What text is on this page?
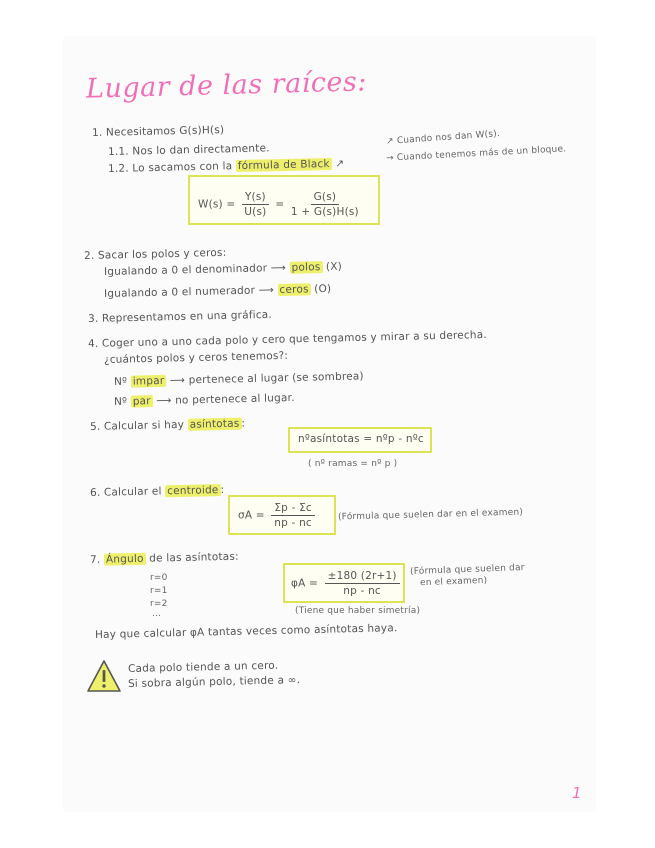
Lugar de las raíces:
1. Necesitamos G(s)H(s)
1.1. Nos lo dan directamente.
1.2. Lo sacamos con la fórmula de Black ↗
↗ Cuando nos dan W(s).
→ Cuando tenemos más de un bloque.
$W(s) = \frac{Y(s)}{U(s)} = \frac{G(s)}{1 + G(s)H(s)}$
2. Sacar los polos y ceros:
Igualando a 0 el denominador ⟶ polos (X)
Igualando a 0 el numerador ⟶ ceros (O)
3. Representamos en una gráfica.
4. Coger uno a uno cada polo y cero que tengamos y mirar a su derecha.
¿cuántos polos y ceros tenemos?:
Nº impar ⟶ pertenece al lugar (se sombrea)
Nº par ⟶ no pertenece al lugar.
5. Calcular si hay asíntotas :
nºasíntotas = nºp - nºc
( nº ramas = nº p )
6. Calcular el centroide :
$\sigma A = \frac{\Sigma p - \Sigma c}{np - nc}$	(Fórmula que suelen dar en el examen)
7. Ángulo de las asíntotas:
r=0
r=1
r=2
...
$\varphi A = \frac{\pm 180 (2r+1)}{np - nc}$ (Fórmula que suelen dar
en el examen)
(Tiene que haber simetría)
Hay que calcular φA tantas veces como asíntotas haya.
Cada polo tiende a un cero.
Si sobra algún polo, tiende a ∞.
1
